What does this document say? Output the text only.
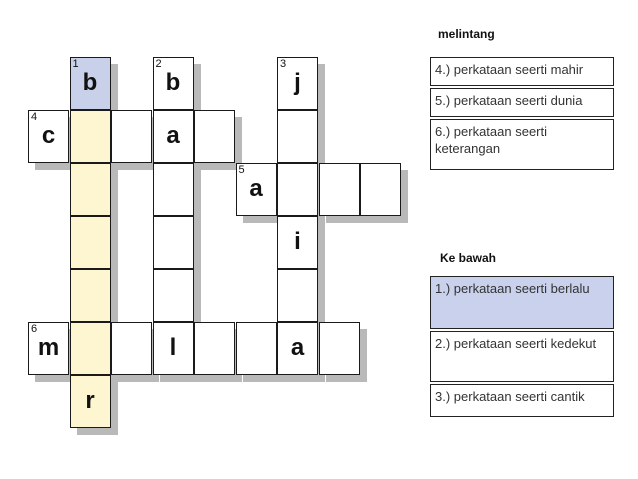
1
b
2
b
3
j
4
c	a
5
a
i
6
m	l	a
r
melintang
4.) perkataan seerti mahir
5.) perkataan seerti dunia
6.) perkataan seerti keterangan
Ke bawah
1.) perkataan seerti berlalu
2.) perkataan seerti kedekut
3.) perkataan seerti cantik
